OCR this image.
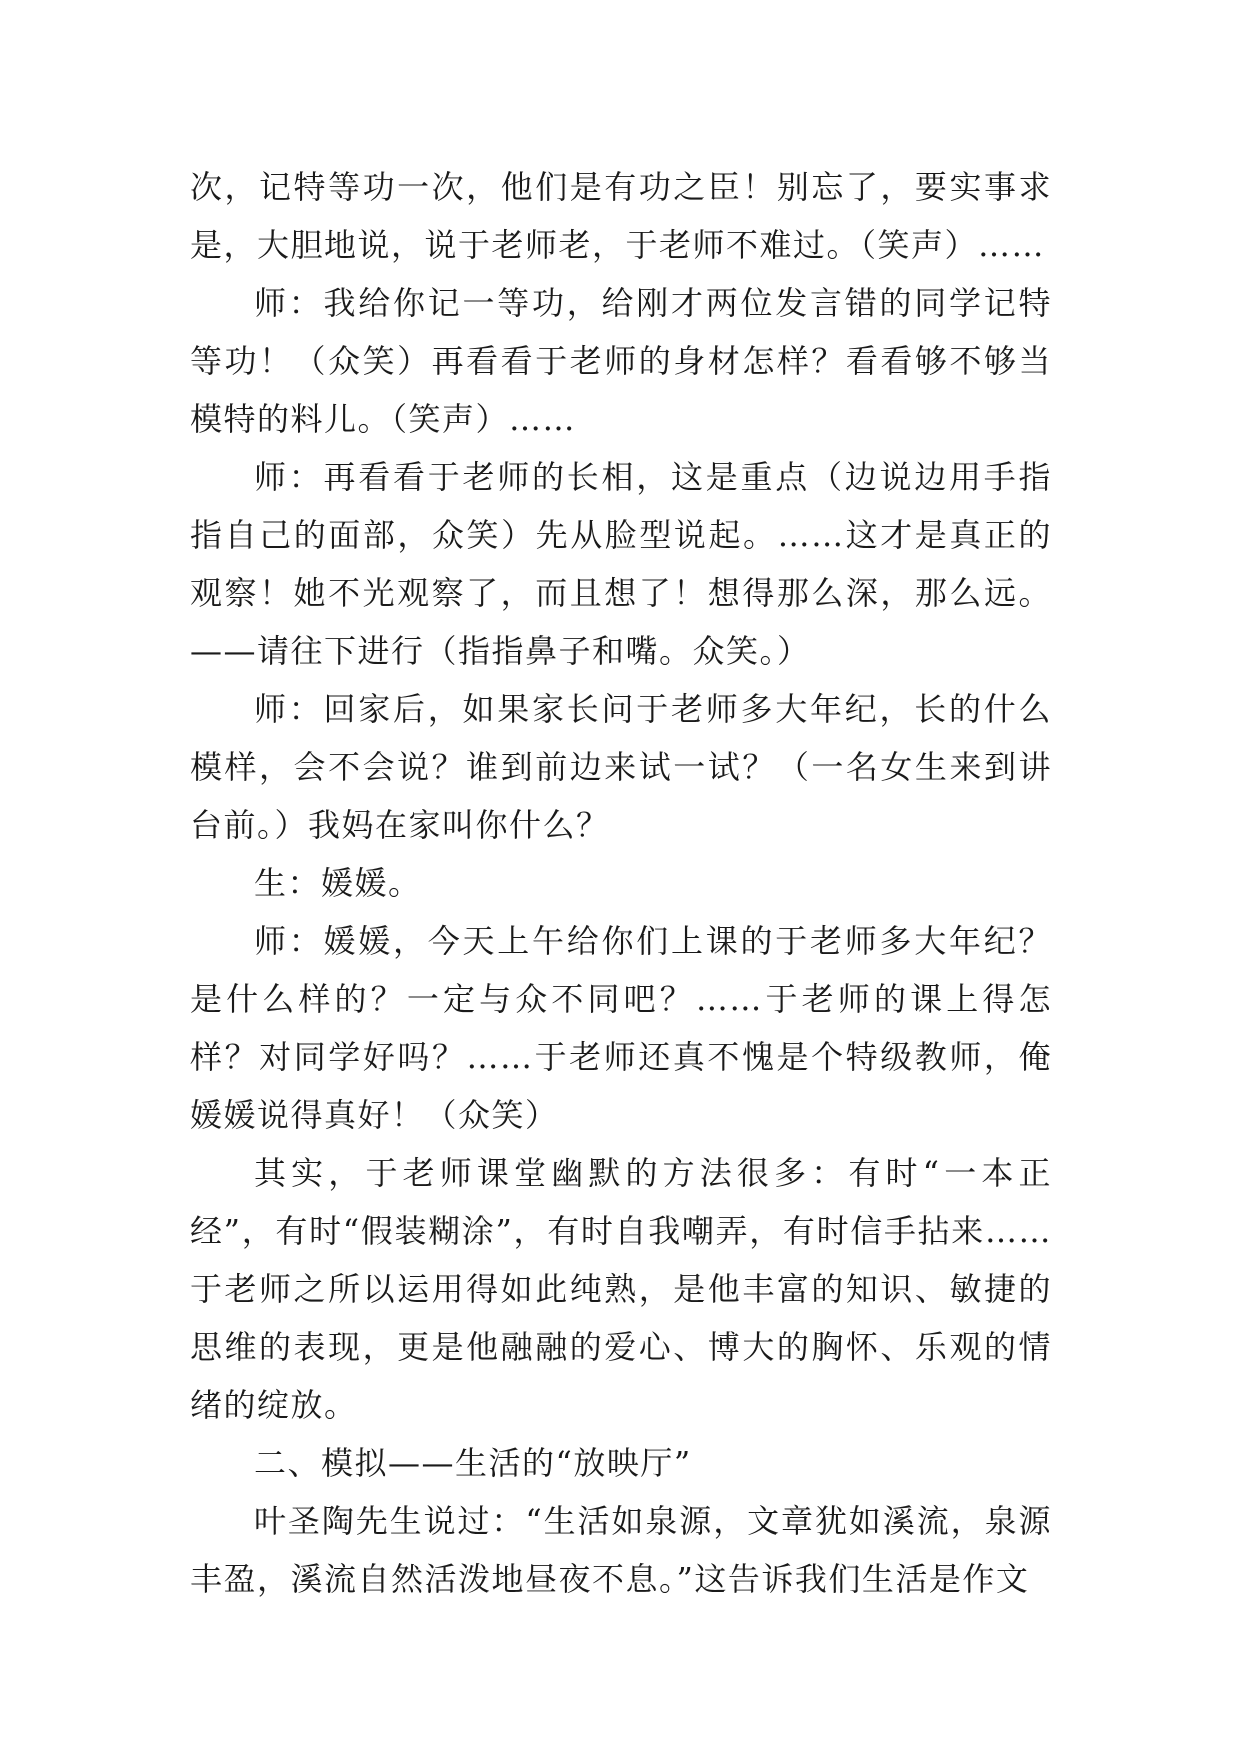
次，记特等功一次，他们是有功之臣！别忘了，要实事求是，大胆地说，说于老师老，于老师不难过。（笑声）……

师：我给你记一等功，给刚才两位发言错的同学记特等功！（众笑）再看看于老师的身材怎样？看看够不够当模特的料儿。（笑声）……

师：再看看于老师的长相，这是重点（边说边用手指指自己的面部，众笑）先从脸型说起。……这才是真正的观察！她不光观察了，而且想了！想得那么深，那么远。——请往下进行（指指鼻子和嘴。众笑。）

师：回家后，如果家长问于老师多大年纪，长的什么模样，会不会说？谁到前边来试一试？（一名女生来到讲台前。）我妈在家叫你什么？

生：媛媛。

师：媛媛，今天上午给你们上课的于老师多大年纪？是什么样的？一定与众不同吧？……于老师的课上得怎样？对同学好吗？……于老师还真不愧是个特级教师，俺媛媛说得真好！（众笑）

其实，于老师课堂幽默的方法很多：有时“一本正经”，有时“假装糊涂”，有时自我嘲弄，有时信手拈来……于老师之所以运用得如此纯熟，是他丰富的知识、敏捷的思维的表现，更是他融融的爱心、博大的胸怀、乐观的情绪的绽放。

二、模拟——生活的“放映厅”

叶圣陶先生说过：“生活如泉源，文章犹如溪流，泉源丰盈，溪流自然活泼地昼夜不息。”这告诉我们生活是作文
